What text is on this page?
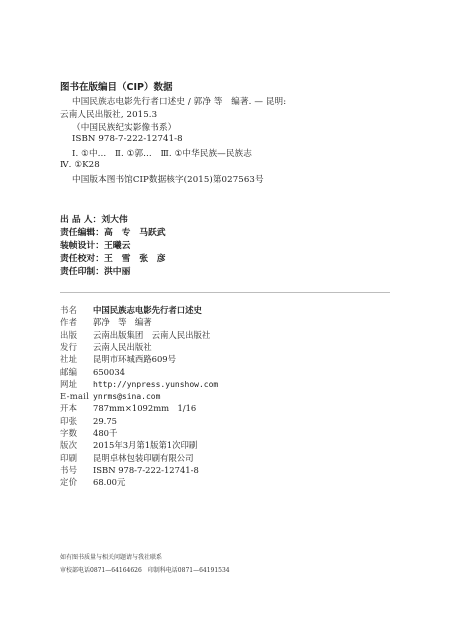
图书在版编目（CIP）数据
中国民族志电影先行者口述史 / 郭净 等　编著. — 昆明:
云南人民出版社, 2015.3
（中国民族纪实影像书系）
ISBN 978-7-222-12741-8
Ⅰ. ①中…　Ⅱ. ①郭…　Ⅲ. ①中华民族—民族志
Ⅳ. ①K28
中国版本图书馆CIP数据核字(2015)第027563号
出 品 人：刘大伟
责任编辑：高　专　马跃武
装帧设计：王曦云
责任校对：王　雪　张　彦
责任印制：洪中丽
书名 中国民族志电影先行者口述史
作者 郭净　等　编著
出版 云南出版集团　云南人民出版社
发行 云南人民出版社
社址 昆明市环城西路609号
邮编 650034
网址 http://ynpress.yunshow.com
E-mail ynrms@sina.com
开本 787mm×1092mm　1/16
印张 29.75
字数 480千
版次 2015年3月第1版第1次印刷
印刷 昆明卓林包装印刷有限公司
书号 ISBN 978-7-222-12741-8
定价 68.00元
如有图书质量与相关问题请与我社联系
审校部电话0871—64164626　印制科电话0871—64191534
